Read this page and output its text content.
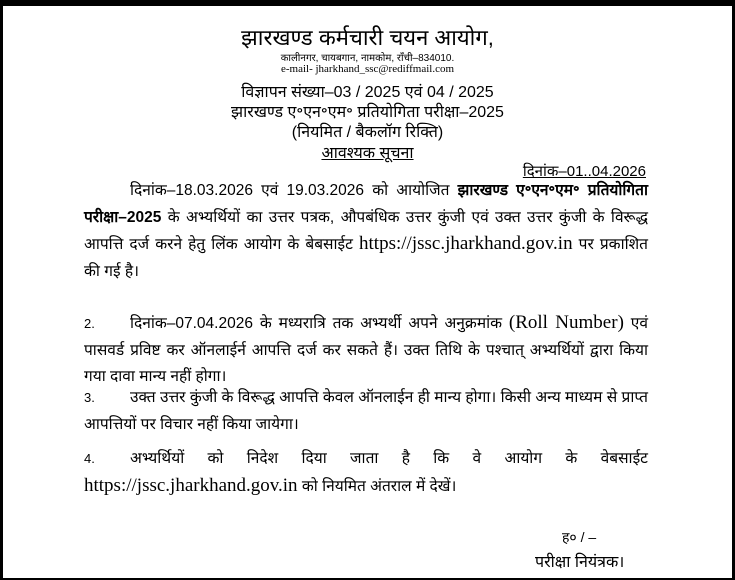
झारखण्ड कर्मचारी चयन आयोग,
कालीनगर, चायबगान, नामकोम, राँची–834010.
e-mail- jharkhand_ssc@rediffmail.com
विज्ञापन संख्या–03 / 2025 एवं 04 / 2025
झारखण्ड ए॰एन॰एम॰ प्रतियोगिता परीक्षा–2025
(नियमित / बैकलॉग रिक्ति)
आवश्यक सूचना
दिनांक–01..04.2026
दिनांक–18.03.2026 एवं 19.03.2026 को आयोजित झारखण्ड ए॰एन॰एम॰ प्रतियोगिता परीक्षा–2025 के अभ्यर्थियों का उत्तर पत्रक, औपबंधिक उत्तर कुंजी एवं उक्त उत्तर कुंजी के विरूद्ध आपत्ति दर्ज करने हेतु लिंक आयोग के बेबसाईट https://jssc.jharkhand.gov.in पर प्रकाशित की गई है।
2. दिनांक–07.04.2026 के मध्यरात्रि तक अभ्यर्थी अपने अनुक्रमांक (Roll Number) एवं पासवर्ड प्रविष्ट कर ऑनलाईर्न आपत्ति दर्ज कर सकते हैं। उक्त तिथि के पश्चात् अभ्यर्थियों द्वारा किया गया दावा मान्य नहीं होगा।
3. उक्त उत्तर कुंजी के विरूद्ध आपत्ति केवल ऑनलाईन ही मान्य होगा। किसी अन्य माध्यम से प्राप्त आपत्तियों पर विचार नहीं किया जायेगा।
4. अभ्यर्थियों को निदेश दिया जाता है कि वे आयोग के वेबसाईट https://jssc.jharkhand.gov.in को नियमित अंतराल में देखें।
ह० / –
परीक्षा नियंत्रक।
